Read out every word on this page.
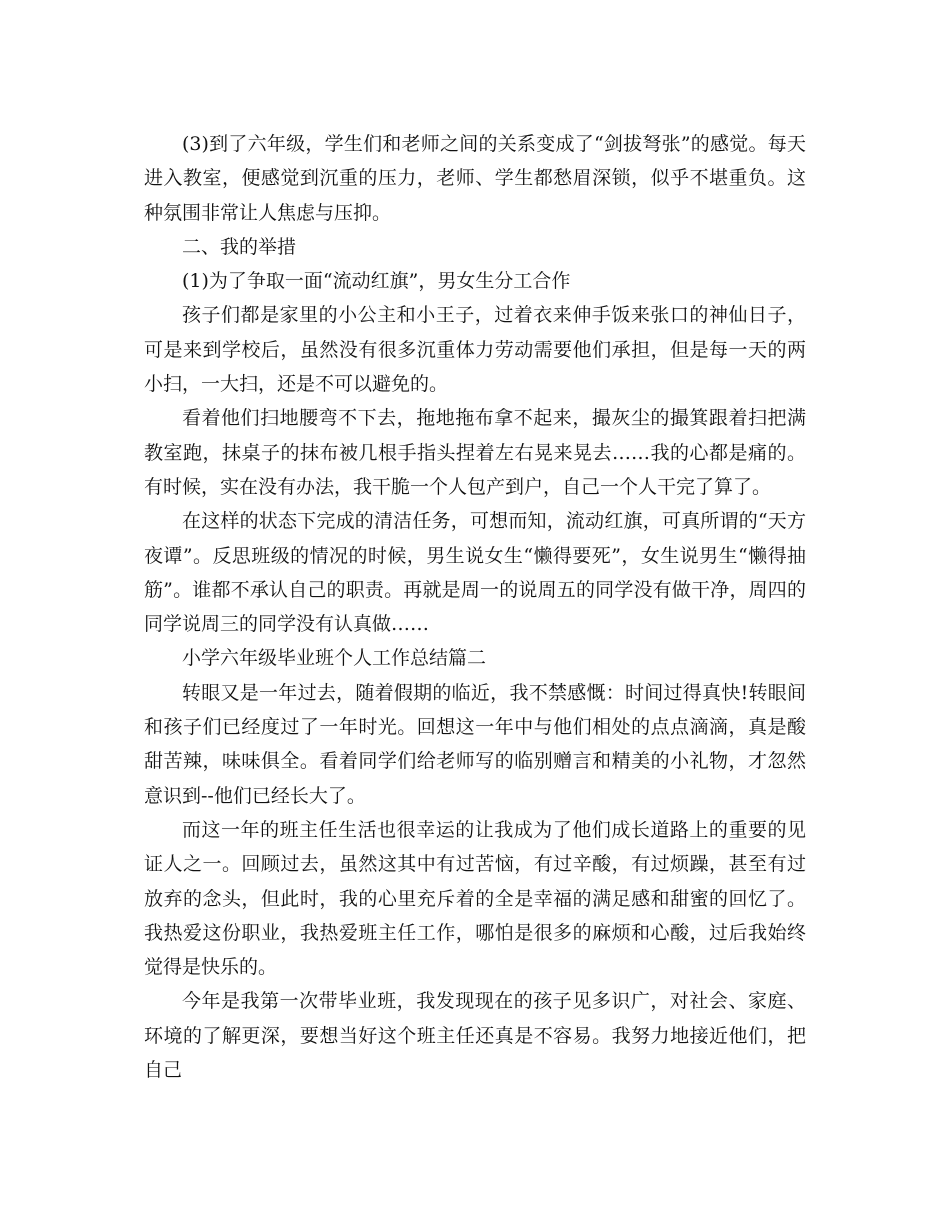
(3)到了六年级，学生们和老师之间的关系变成了“剑拔弩张”的感觉。每天进入教室，便感觉到沉重的压力，老师、学生都愁眉深锁，似乎不堪重负。这种氛围非常让人焦虑与压抑。

二、我的举措

(1)为了争取一面“流动红旗”，男女生分工合作

孩子们都是家里的小公主和小王子，过着衣来伸手饭来张口的神仙日子，可是来到学校后，虽然没有很多沉重体力劳动需要他们承担，但是每一天的两小扫，一大扫，还是不可以避免的。

看着他们扫地腰弯不下去，拖地拖布拿不起来，撮灰尘的撮箕跟着扫把满教室跑，抹桌子的抹布被几根手指头捏着左右晃来晃去……我的心都是痛的。有时候，实在没有办法，我干脆一个人包产到户，自己一个人干完了算了。

在这样的状态下完成的清洁任务，可想而知，流动红旗，可真所谓的“天方夜谭”。反思班级的情况的时候，男生说女生“懒得要死”，女生说男生“懒得抽筋”。谁都不承认自己的职责。再就是周一的说周五的同学没有做干净，周四的同学说周三的同学没有认真做……

小学六年级毕业班个人工作总结篇二

转眼又是一年过去，随着假期的临近，我不禁感慨：时间过得真快!转眼间和孩子们已经度过了一年时光。回想这一年中与他们相处的点点滴滴，真是酸甜苦辣，味味俱全。看着同学们给老师写的临别赠言和精美的小礼物，才忽然意识到--他们已经长大了。

而这一年的班主任生活也很幸运的让我成为了他们成长道路上的重要的见证人之一。回顾过去，虽然这其中有过苦恼，有过辛酸，有过烦躁，甚至有过放弃的念头，但此时，我的心里充斥着的全是幸福的满足感和甜蜜的回忆了。我热爱这份职业，我热爱班主任工作，哪怕是很多的麻烦和心酸，过后我始终觉得是快乐的。

今年是我第一次带毕业班，我发现现在的孩子见多识广，对社会、家庭、环境的了解更深，要想当好这个班主任还真是不容易。我努力地接近他们，把自己
